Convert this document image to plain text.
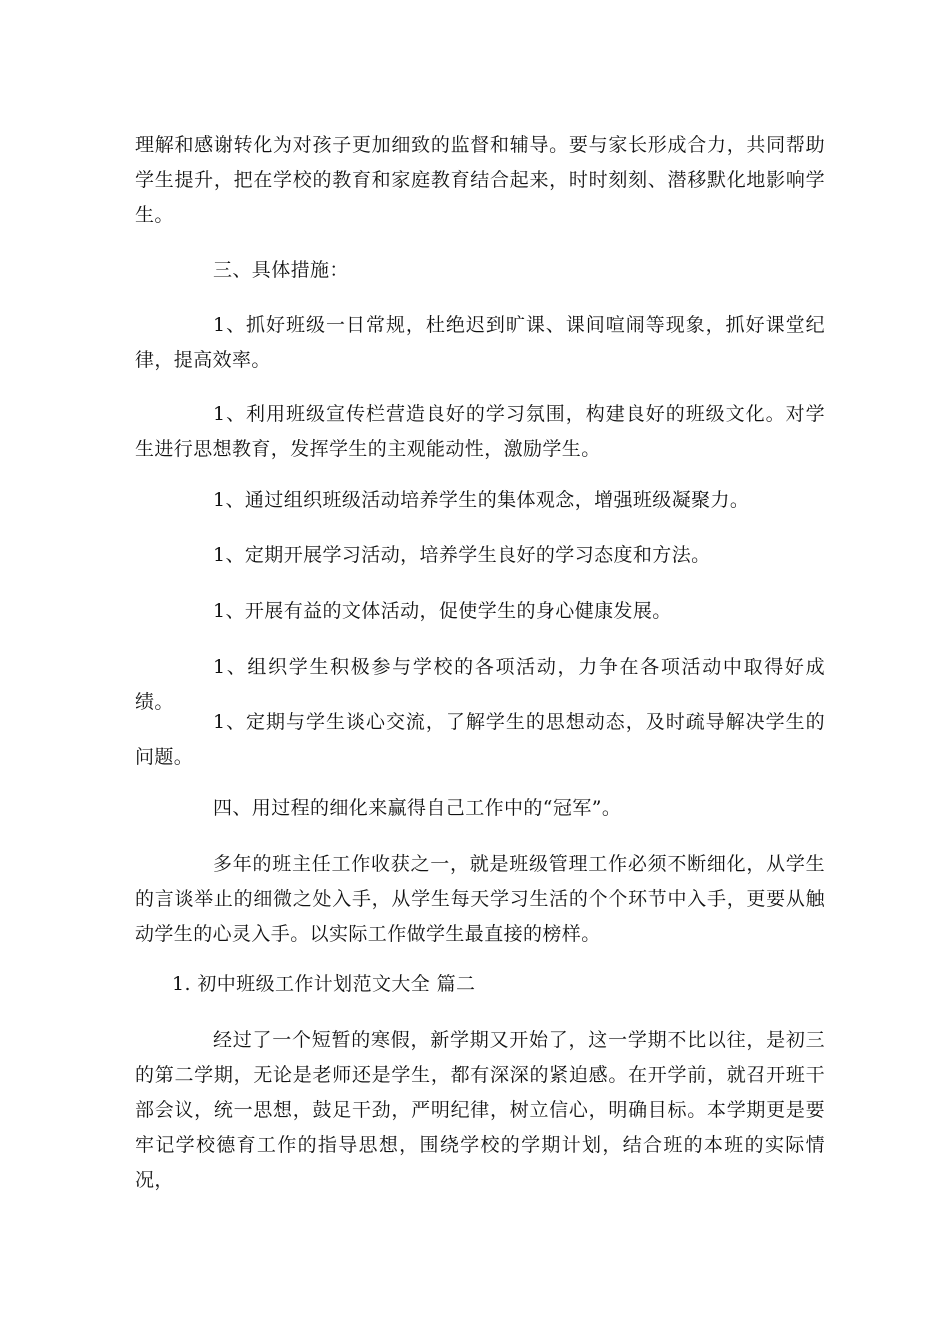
理解和感谢转化为对孩子更加细致的监督和辅导。要与家长形成合力，共同帮助学生提升，把在学校的教育和家庭教育结合起来，时时刻刻、潜移默化地影响学生。

三、具体措施：

1、抓好班级一日常规，杜绝迟到旷课、课间喧闹等现象，抓好课堂纪律，提高效率。

1、利用班级宣传栏营造良好的学习氛围，构建良好的班级文化。对学生进行思想教育，发挥学生的主观能动性，激励学生。

1、通过组织班级活动培养学生的集体观念，增强班级凝聚力。

1、定期开展学习活动，培养学生良好的学习态度和方法。

1、开展有益的文体活动，促使学生的身心健康发展。

1、组织学生积极参与学校的各项活动，力争在各项活动中取得好成绩。

1、定期与学生谈心交流，了解学生的思想动态，及时疏导解决学生的问题。

四、用过程的细化来赢得自己工作中的“冠军”。

多年的班主任工作收获之一，就是班级管理工作必须不断细化，从学生的言谈举止的细微之处入手，从学生每天学习生活的个个环节中入手，更要从触动学生的心灵入手。以实际工作做学生最直接的榜样。

1. 初中班级工作计划范文大全 篇二

经过了一个短暂的寒假，新学期又开始了，这一学期不比以往，是初三的第二学期，无论是老师还是学生，都有深深的紧迫感。在开学前，就召开班干部会议，统一思想，鼓足干劲，严明纪律，树立信心，明确目标。本学期更是要牢记学校德育工作的指导思想，围绕学校的学期计划，结合班的本班的实际情况，
